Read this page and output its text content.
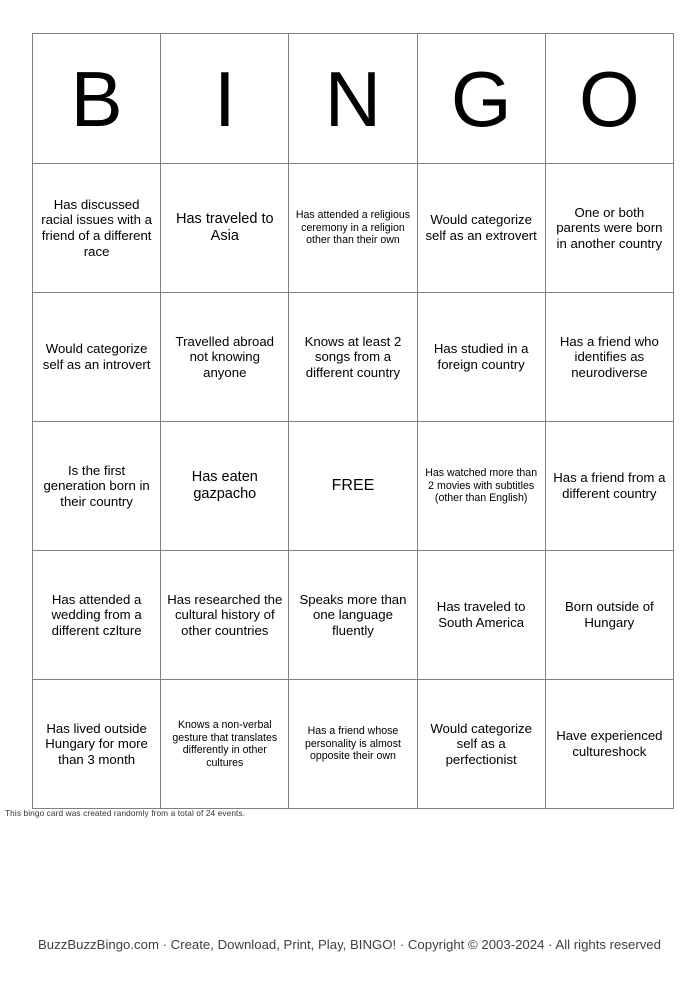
B	I	N	G	O

Has discussed racial issues with a friend of a different race	Has traveled to Asia	Has attended a religious ceremony in a religion other than their own	Would categorize self as an extrovert	One or both parents were born in another country

Would categorize self as an introvert	Travelled abroad not knowing anyone	Knows at least 2 songs from a different country	Has studied in a foreign country	Has a friend who identifies as neurodiverse

Is the first generation born in their country	Has eaten gazpacho	FREE	Has watched more than 2 movies with subtitles (other than English)	Has a friend from a different country

Has attended a wedding from a different czlture	Has researched the cultural history of other countries	Speaks more than one language fluently	Has traveled to South America	Born outside of Hungary

Has lived outside Hungary for more than 3 month	Knows a non-verbal gesture that translates differently in other cultures	Has a friend whose personality is almost opposite their own	Would categorize self as a perfectionist	Have experienced cultureshock
This bingo card was created randomly from a total of 24 events.
BuzzBuzzBingo.com · Create, Download, Print, Play, BINGO! · Copyright © 2003-2024 · All rights reserved
